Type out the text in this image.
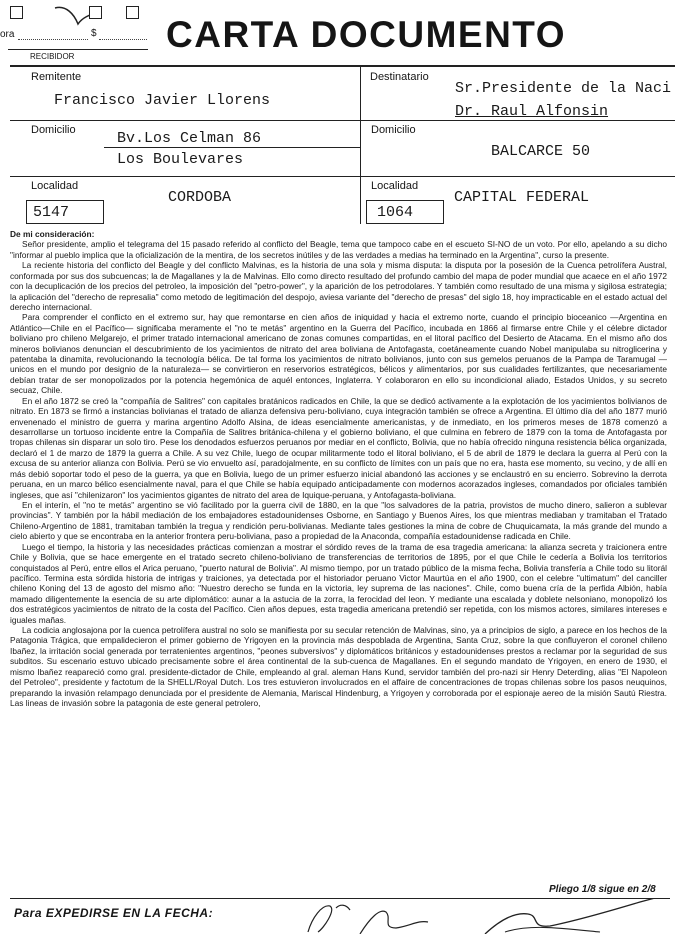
ora	$
RECIBIDOR
CARTA DOCUMENTO
Remitente
Francisco Javier Llorens
Domicilio	Bv.Los Celman 86
Los Boulevares
Localidad
CORDOBA
5147
Destinatario
Sr.Presidente de la Naci
Dr. Raul Alfonsin
Domicilio
BALCARCE 50
Localidad
CAPITAL FEDERAL
1064

De mi consideración:

Señor presidente, amplio el telegrama del 15 pasado referido al conflicto del Beagle, tema que tampoco cabe en el escueto SI-NO de un voto. Por ello, apelando a su dicho "informar al pueblo implica que la oficialización de la mentira, de los secretos inútiles y de las verdades a medias ha terminado en la Argentina", curso la presente.

La reciente historia del conflicto del Beagle y del conflicto Malvinas, es la historia de una sola y misma disputa: la disputa por la posesión de la Cuenca petrolífera Austral, conformada por sus dos subcuencas; la de Magallanes y la de Malvinas. Ello como directo resultado del profundo cambio del mapa de poder mundial que acaece en el año 1972 con la decuplicación de los precios del petroleo, la imposición del "petro-power", y la aparición de los petrodolares. Y también como resultado de una misma y sigilosa estrategia; la aplicación del "derecho de represalia" como metodo de legitimación del despojo, aviesa variante del "derecho de presas" del siglo 18, hoy impracticable en el estado actual del derecho internacional.

Para comprender el conflicto en el extremo sur, hay que remontarse en cien años de iniquidad y hacia el extremo norte, cuando el principio bioceanico —Argentina en Atlántico—Chile en el Pacífico— significaba meramente el "no te metás" argentino en la Guerra del Pacífico, incubada en 1866 al firmarse entre Chile y el célebre dictador boliviano pro chileno Melgarejo, el primer tratado internacional americano de zonas comunes compartidas, en el litoral pacífico del Desierto de Atacama. En el mismo año dos mineros bolivianos denuncian el descubrimiento de los yacimientos de nitrato del area boliviana de Antofagasta, coetáneamente cuando Nobel manipulaba su nitroglicerina y patentaba la dinamita, revolucionando la tecnología bélica. De tal forma los yacimientos de nitrato bolivianos, junto con sus gemelos peruanos de la Pampa de Taramugal —unicos en el mundo por designio de la naturaleza— se convirtieron en reservorios estratégicos, bélicos y alimentarios, por sus cualidades fertilizantes, que necesariamente debían tratar de ser monopolizados por la potencia hegemónica de aquél entonces, Inglaterra. Y colaboraron en ello su incondicional aliado, Estados Unidos, y su secreto secuaz, Chile.

En el año 1872 se creó la "compañía de Salitres" con capitales bratánicos radicados en Chile, la que se dedicó activamente a la explotación de los yacimientos bolivianos de nitrato. En 1873 se firmó a instancias bolivianas el tratado de alianza defensiva peru-boliviano, cuya integración también se ofrece a Argentina. El último día del año 1877 murió envenenado el ministro de guerra y marina argentino Adolfo Alsina, de ideas esencialmente americanistas, y de inmediato, en los primeros meses de 1878 comenzó a desarrollarse un tortuoso incidente entre la Compañía de Salitres británica-chilena y el gobierno boliviano, el que culmina en febrero de 1879 con la toma de Antofagasta por tropas chilenas sin disparar un solo tiro. Pese los denodados esfuerzos peruanos por mediar en el conflicto, Bolivia, que no había ofrecido ninguna resistencia bélica organizada, declaró el 1 de marzo de 1879 la guerra a Chile. A su vez Chile, luego de ocupar militarmente todo el litoral boliviano, el 5 de abril de 1879 le declara la guerra al Perú con la excusa de su anterior alianza con Bolivia. Perú se vio envuelto así, paradojalmente, en su conflicto de límites con un país que no era, hasta ese momento, su vecino, y de allí en más debió soportar todo el peso de la guerra, ya que en Bolivia, luego de un primer esfuerzo inicial abandonó las acciones y se enclaustró en su encierro. Sobrevino la derrota peruana, en un marco bélico esencialmente naval, para el que Chile se había equipado anticipadamente con modernos acorazados ingleses, comandados por oficiales también ingleses, que así "chilenizaron" los yacimientos gigantes de nitrato del area de Iquique-peruana, y Antofagasta-boliviana.

En el interín, el "no te metás" argentino se vió facilitado por la guerra civil de 1880, en la que "los salvadores de la patria, provistos de mucho dinero, salieron a sublevar provincias". Y también por la hábil mediación de los embajadores estadounidenses Osborne, en Santiago y Buenos Aires, los que mientras mediaban y tramitaban el Tratado Chileno-Argentino de 1881, tramitaban también la tregua y rendición peru-bolivianas. Mediante tales gestiones la mina de cobre de Chuquicamata, la más grande del mundo a cielo abierto y que se encontraba en la anterior frontera peru-boliviana, paso a propiedad de la Anaconda, compañía estadounidense radicada en Chile.

Luego el tiempo, la historia y las necesidades prácticas comienzan a mostrar el sórdido reves de la trama de esa tragedia americana: la alianza secreta y traicionera entre Chile y Bolivia, que se hace emergente en el tratado secreto chileno-boliviano de transferencias de territorios de 1895, por el que Chile le cedería a Bolivia los territorios conquistados al Perú, entre ellos el Arica peruano, "puerto natural de Bolivia". Al mismo tiempo, por un tratado público de la misma fecha, Bolivia transfería a Chile todo su litorál pacífico. Termina esta sórdida historia de intrigas y traiciones, ya detectada por el historiador peruano Victor Maurtúa en el año 1900, con el celebre "ultimatum" del canciller chileno Koning del 13 de agosto del mismo año: "Nuestro derecho se funda en la victoria, ley suprema de las naciones". Chile, como buena cría de la perfida Albión, había mamado diligentemente la esencia de su arte diplomático: aunar a la astucia de la zorra, la ferocidad del leon. Y mediante una escalada y doblete nelsoniano, monopolizó los dos estratégicos yacimientos de nitrato de la costa del Pacífico. Cien años depues, esta tragedia americana pretendió ser repetida, con los mismos actores, similares intereses e iguales mañas.

La codicia anglosajona por la cuenca petrolífera austral no solo se manifiesta por su secular retención de Malvinas, sino, ya a principios de siglo, a parece en los hechos de la Patagonia Trágica, que empalidecieron el primer gobierno de Yrigoyen en la provincia más despoblada de Argentina, Santa Cruz, sobre la que confluyeron el coronel chileno Ibañez, la irritación social generada por terratenientes argentinos, "peones subversivos" y diplomáticos británicos y estadounidenses prestos a reclamar por la seguridad de sus subditos. Su escenario estuvo ubicado precisamente sobre el área continental de la sub-cuenca de Magallanes. En el segundo mandato de Yrigoyen, en enero de 1930, el mismo Ibañez reapareció como gral. presidente-dictador de Chile, empleando al gral. aleman Hans Kund, servidor también del pro-nazi sir Henry Deterding, alias "El Napoleon del Petroleo", presidente y factotum de la SHELL/Royal Dutch. Los tres estuvieron involucrados en el affaire de concentraciones de tropas chilenas sobre los pasos neuquinos, preparando la invasión relampago denunciada por el presidente de Alemania, Mariscal Hindenburg, a Yrigoyen y corroborada por el espionaje aereo de la misión Sautú Riestra. Las lineas de invasión sobre la patagonia de este general petrolero,

Pliego 1/8 sigue en 2/8
Para EXPEDIRSE EN LA FECHA:
